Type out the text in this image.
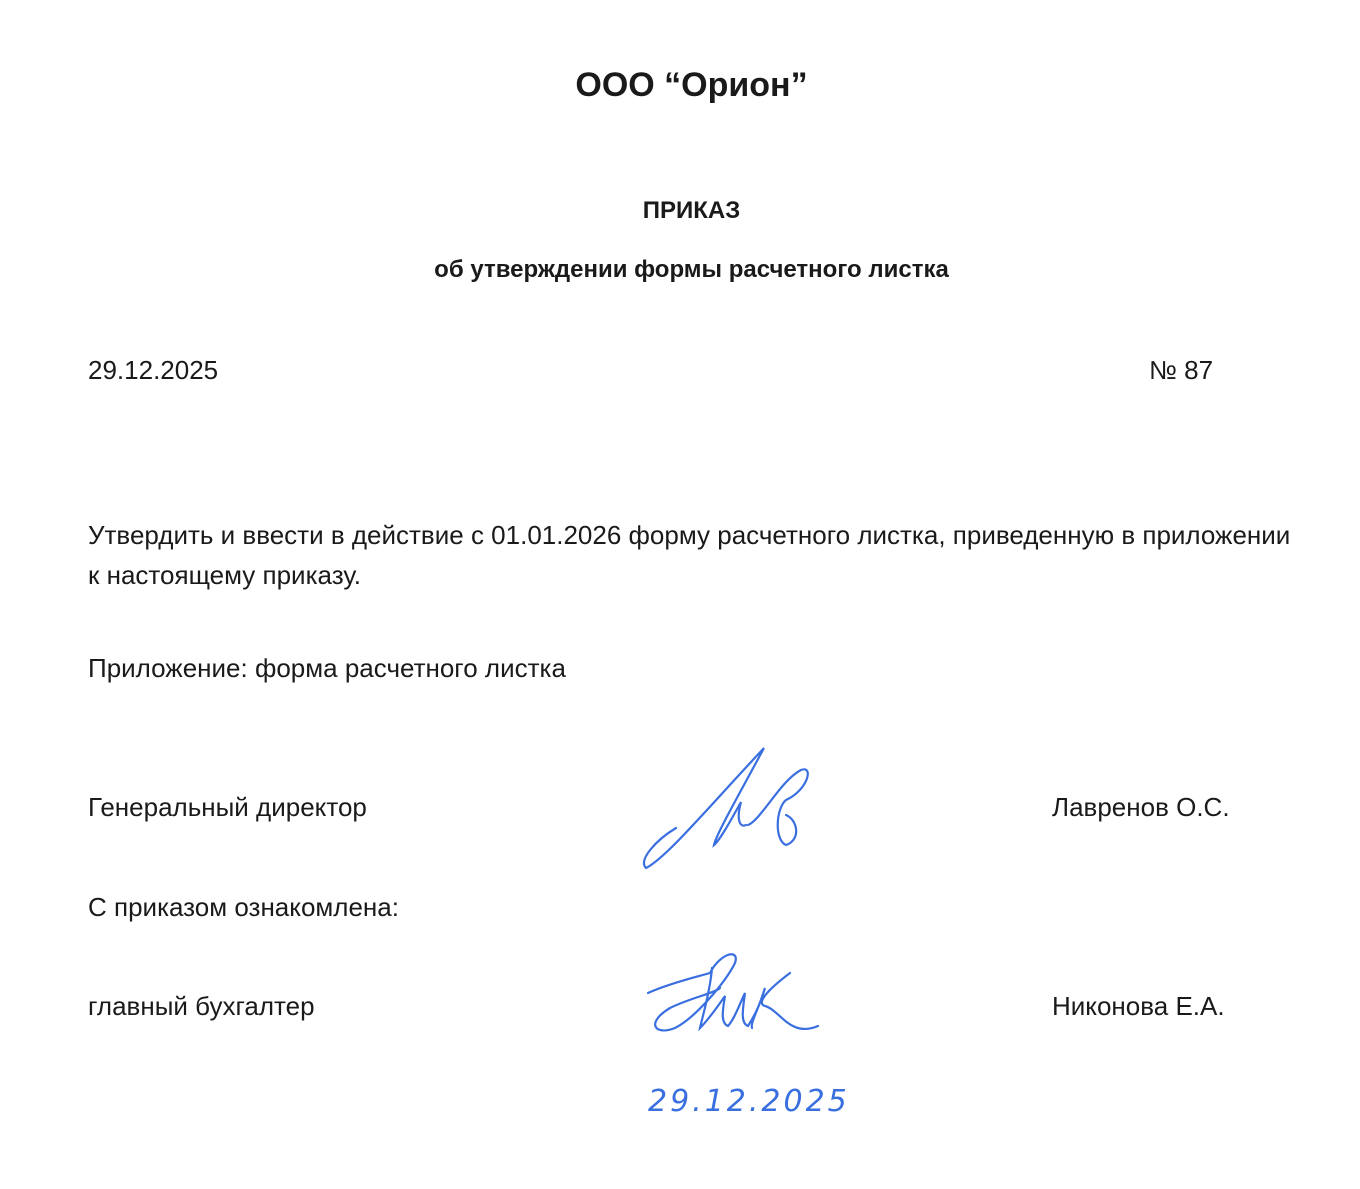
ООО “Орион”
ПРИКАЗ
об утверждении формы расчетного листка
29.12.2025	№ 87
Утвердить и ввести в действие с 01.01.2026 форму расчетного листка, приведенную в приложении к настоящему приказу.
Приложение: форма расчетного листка
Генеральный директор	Лавренов О.С.
С приказом ознакомлена:
главный бухгалтер	Никонова Е.А.
29.12.2025
